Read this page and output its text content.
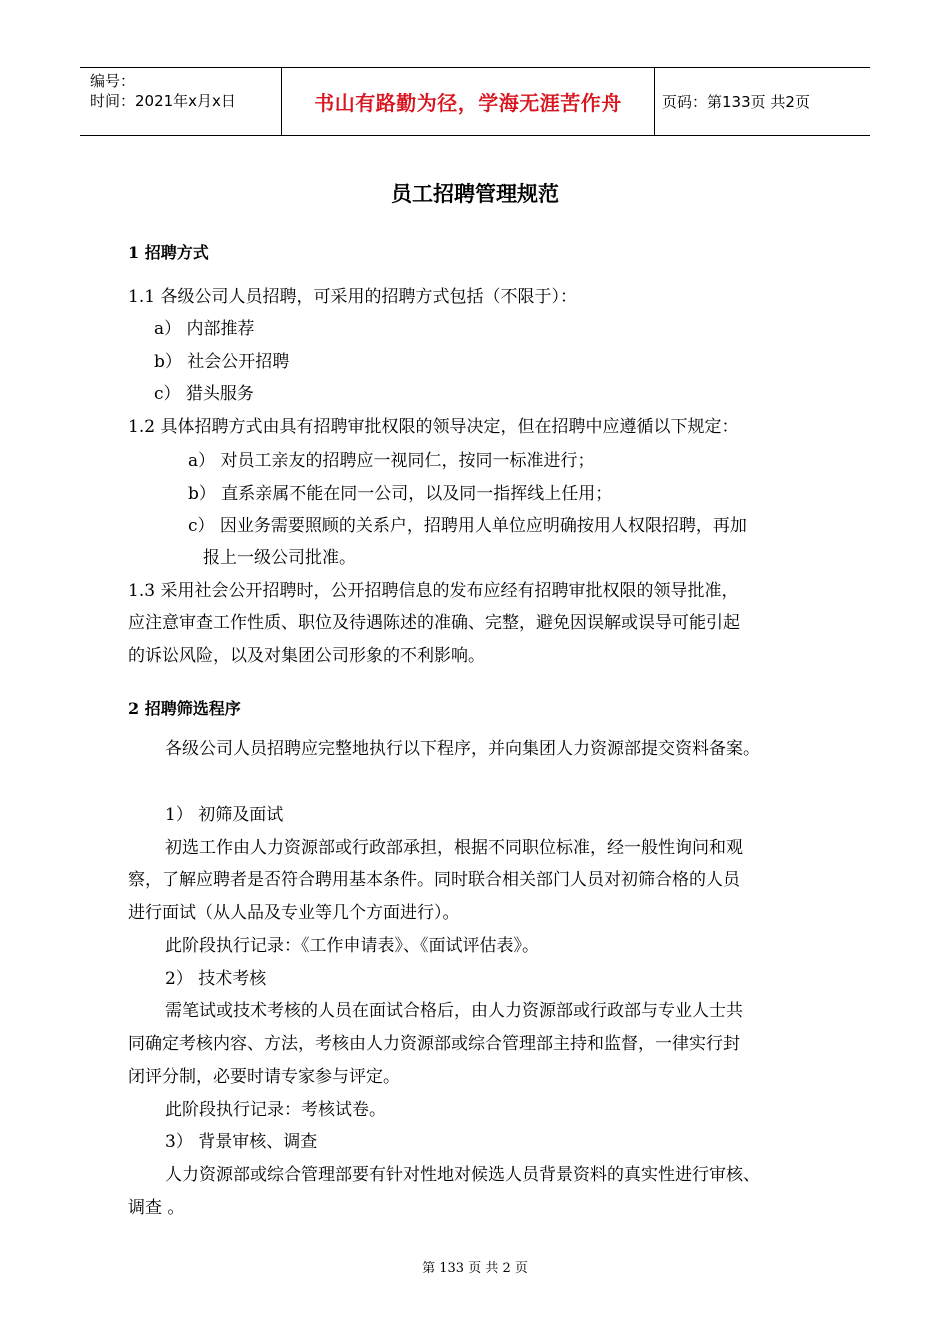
编号：
时间：2021年x月x日	书山有路勤为径，学海无涯苦作舟	页码：第133页 共2页
员工招聘管理规范
1 招聘方式
1.1 各级公司人员招聘，可采用的招聘方式包括（不限于）：
a） 内部推荐
b） 社会公开招聘
c） 猎头服务
1.2 具体招聘方式由具有招聘审批权限的领导决定，但在招聘中应遵循以下规定：
a） 对员工亲友的招聘应一视同仁，按同一标准进行；
b） 直系亲属不能在同一公司，以及同一指挥线上任用；
c） 因业务需要照顾的关系户，招聘用人单位应明确按用人权限招聘，再加
报上一级公司批准。
1.3 采用社会公开招聘时，公开招聘信息的发布应经有招聘审批权限的领导批准，
应注意审查工作性质、职位及待遇陈述的准确、完整，避免因误解或误导可能引起
的诉讼风险，以及对集团公司形象的不利影响。
2 招聘筛选程序
各级公司人员招聘应完整地执行以下程序，并向集团人力资源部提交资料备案。
1） 初筛及面试
初选工作由人力资源部或行政部承担，根据不同职位标准，经一般性询问和观
察，了解应聘者是否符合聘用基本条件。同时联合相关部门人员对初筛合格的人员
进行面试（从人品及专业等几个方面进行）。
此阶段执行记录：《工作申请表》、《面试评估表》。
2） 技术考核
需笔试或技术考核的人员在面试合格后，由人力资源部或行政部与专业人士共
同确定考核内容、方法，考核由人力资源部或综合管理部主持和监督，一律实行封
闭评分制，必要时请专家参与评定。
此阶段执行记录：考核试卷。
3） 背景审核、调查
人力资源部或综合管理部要有针对性地对候选人员背景资料的真实性进行审核、
调查 。
第 133 页 共 2 页
